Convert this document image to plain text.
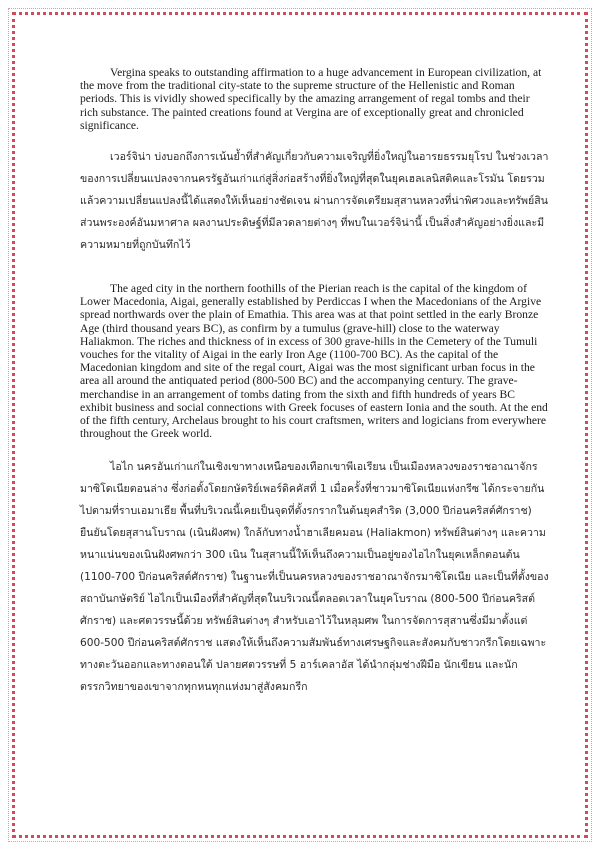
Vergina speaks to outstanding affirmation to a huge advancement in European civilization, at the move from the traditional city-state to the supreme structure of the Hellenistic and Roman periods. This is vividly showed specifically by the amazing arrangement of regal tombs and their rich substance. The painted creations found at Vergina are of exceptionally great and chronicled significance.

เวอร์จิน่า บ่งบอกถึงการเน้นย้ำที่สำคัญเกี่ยวกับความเจริญที่ยิ่งใหญ่ในอารยธรรมยุโรป ในช่วงเวลาของการเปลี่ยนแปลงจากนครรัฐอันเก่าแก่สู่สิ่งก่อสร้างที่ยิ่งใหญ่ที่สุดในยุคเฮลเลนิสติคและโรมัน โดยรวมแล้วความเปลี่ยนแปลงนี้ได้แสดงให้เห็นอย่างชัดเจน ผ่านการจัดเตรียมสุสานหลวงที่น่าพิศวงและทรัพย์สินส่วนพระองค์อันมหาศาล ผลงานประดิษฐ์ที่มีลวดลายต่างๆ ที่พบในเวอร์จิน่านี้ เป็นสิ่งสำคัญอย่างยิ่งและมีความหมายที่ถูกบันทึกไว้

The aged city in the northern foothills of the Pierian reach is the capital of the kingdom of Lower Macedonia, Aigai, generally established by Perdiccas I when the Macedonians of the Argive spread northwards over the plain of Emathia. This area was at that point settled in the early Bronze Age (third thousand years BC), as confirm by a tumulus (grave-hill) close to the waterway Haliakmon. The riches and thickness of in excess of 300 grave-hills in the Cemetery of the Tumuli vouches for the vitality of Aigai in the early Iron Age (1100-700 BC). As the capital of the Macedonian kingdom and site of the regal court, Aigai was the most significant urban focus in the area all around the antiquated period (800-500 BC) and the accompanying century. The grave-merchandise in an arrangement of tombs dating from the sixth and fifth hundreds of years BC exhibit business and social connections with Greek focuses of eastern Ionia and the south. At the end of the fifth century, Archelaus brought to his court craftsmen, writers and logicians from everywhere throughout the Greek world.

ไอไก นครอันเก่าแก่ในเชิงเขาทางเหนือของเทือกเขาพีเอเรียน เป็นเมืองหลวงของราชอาณาจักรมาซิโดเนียตอนล่าง ซึ่งก่อตั้งโดยกษัตริย์เพอร์ดิคคัสที่ 1 เมื่อครั้งที่ชาวมาซิโดเนียแห่งกรีซ ได้กระจายกันไปตามที่ราบเอมาเธีย พื้นที่บริเวณนี้เคยเป็นจุดที่ตั้งรกรากในต้นยุคสำริด (3,000 ปีก่อนคริสต์ศักราช) ยืนยันโดยสุสานโบราณ (เนินฝังศพ) ใกล้กับทางน้ำฮาเลียคมอน (Haliakmon) ทรัพย์สินต่างๆ และความหนาแน่นของเนินฝังศพกว่า 300 เนิน ในสุสานนี้ให้เห็นถึงความเป็นอยู่ของไอไกในยุคเหล็กตอนต้น (1100-700 ปีก่อนคริสต์ศักราช) ในฐานะที่เป็นนครหลวงของราชอาณาจักรมาซิโดเนีย และเป็นที่ตั้งของสถาบันกษัตริย์ ไอไกเป็นเมืองที่สำคัญที่สุดในบริเวณนี้ตลอดเวลาในยุคโบราณ (800-500 ปีก่อนคริสต์ศักราช) และศตวรรษนี้ด้วย ทรัพย์สินต่างๆ สำหรับเอาไว้ในหลุมศพ ในการจัดการสุสานซึ่งมีมาตั้งแต่ 600-500 ปีก่อนคริสต์ศักราช แสดงให้เห็นถึงความสัมพันธ์ทางเศรษฐกิจและสังคมกับชาวกรีกโดยเฉพาะทางตะวันออกและทางตอนใต้ ปลายศตวรรษที่ 5 อาร์เคลาอัส ได้นำกลุ่มช่างฝีมือ นักเขียน และนักตรรกวิทยาของเขาจากทุกหนทุกแห่งมาสู่สังคมกรีก
